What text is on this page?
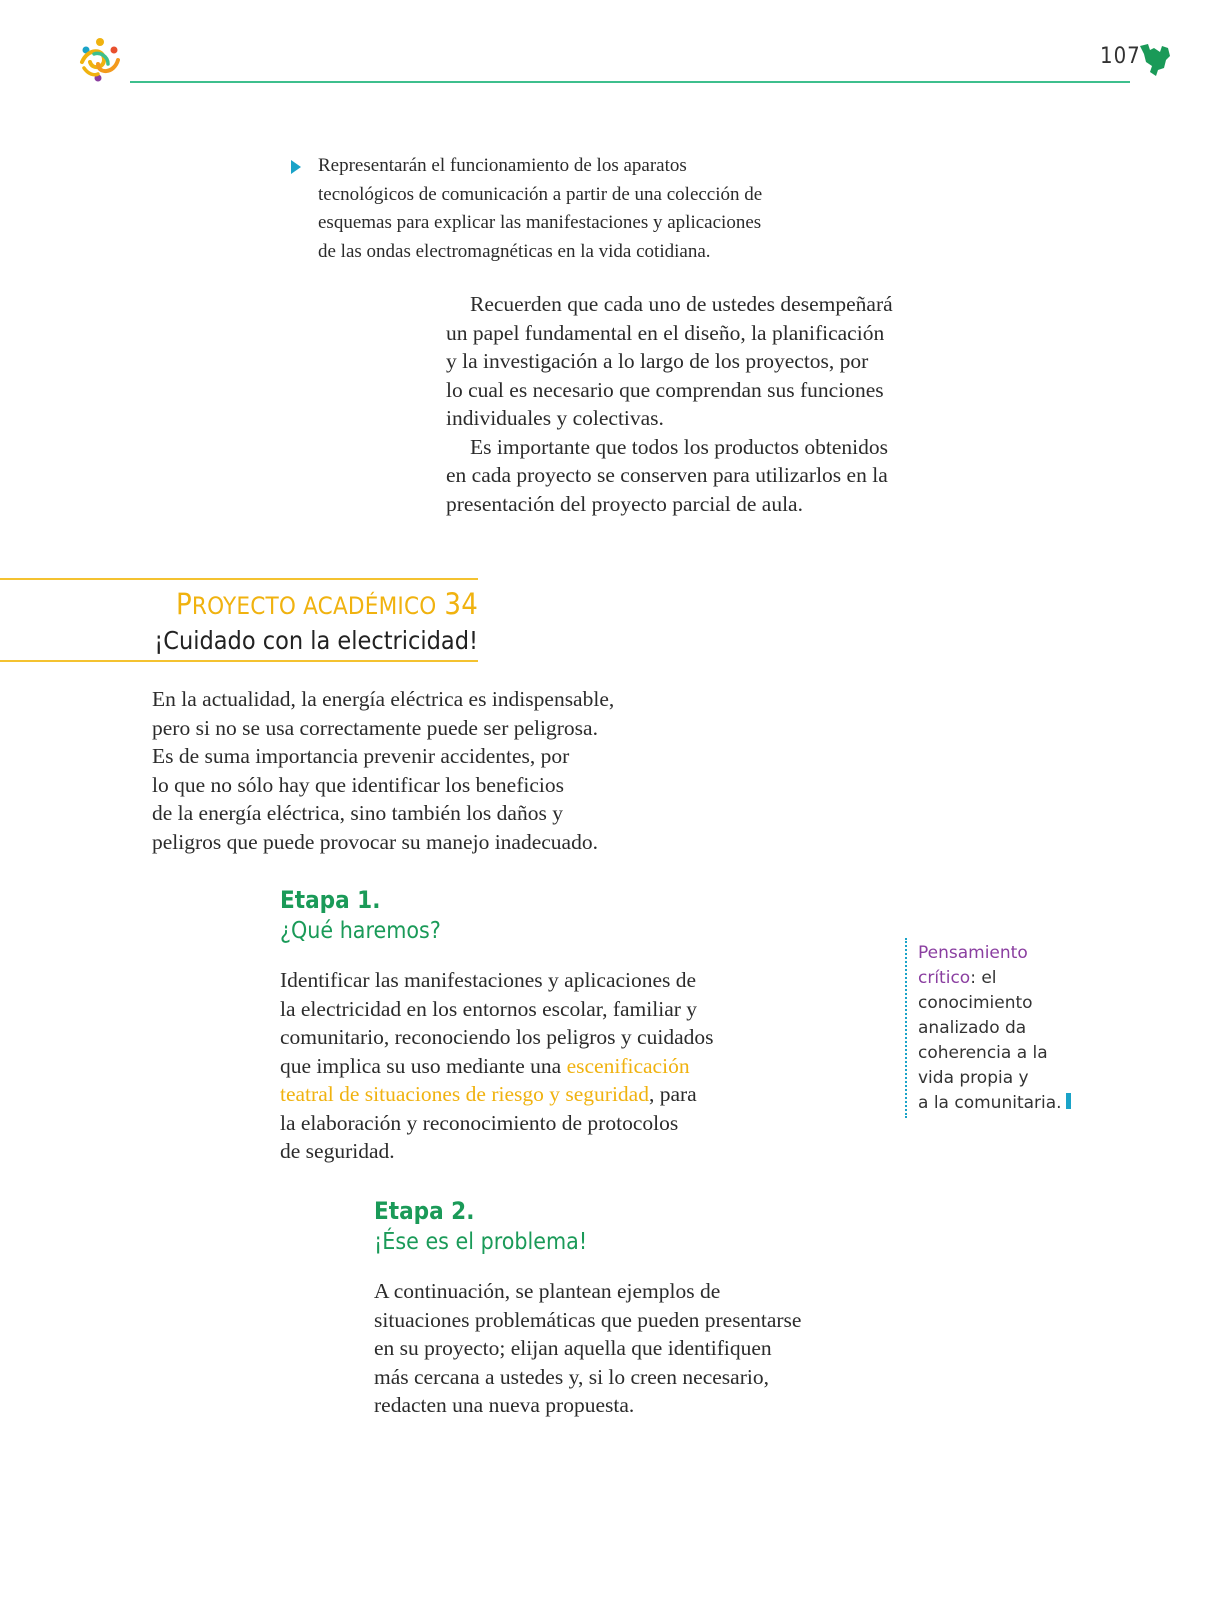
107
Representarán el funcionamiento de los aparatos
tecnológicos de comunicación a partir de una colección de
esquemas para explicar las manifestaciones y aplicaciones
de las ondas electromagnéticas en la vida cotidiana.
Recuerden que cada uno de ustedes desempeñará
un papel fundamental en el diseño, la planificación
y la investigación a lo largo de los proyectos, por
lo cual es necesario que comprendan sus funciones
individuales y colectivas.
Es importante que todos los productos obtenidos
en cada proyecto se conserven para utilizarlos en la
presentación del proyecto parcial de aula.
PROYECTO ACADÉMICO 34
¡Cuidado con la electricidad!
En la actualidad, la energía eléctrica es indispensable,
pero si no se usa correctamente puede ser peligrosa.
Es de suma importancia prevenir accidentes, por
lo que no sólo hay que identificar los beneficios
de la energía eléctrica, sino también los daños y
peligros que puede provocar su manejo inadecuado.
Etapa 1.
¿Qué haremos?
Identificar las manifestaciones y aplicaciones de
la electricidad en los entornos escolar, familiar y
comunitario, reconociendo los peligros y cuidados
que implica su uso mediante una escenificación
teatral de situaciones de riesgo y seguridad, para
la elaboración y reconocimiento de protocolos
de seguridad.
Pensamiento
crítico: el
conocimiento
analizado da
coherencia a la
vida propia y
a la comunitaria.
Etapa 2.
¡Ése es el problema!
A continuación, se plantean ejemplos de
situaciones problemáticas que pueden presentarse
en su proyecto; elijan aquella que identifiquen
más cercana a ustedes y, si lo creen necesario,
redacten una nueva propuesta.
